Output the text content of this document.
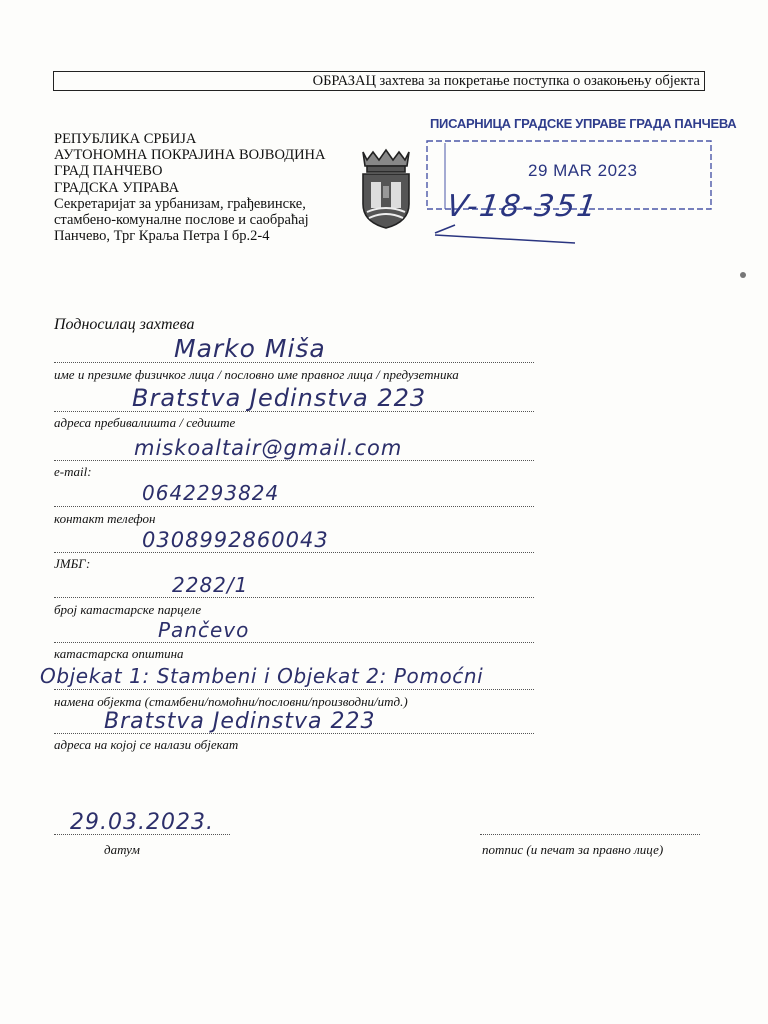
ОБРАЗАЦ захтева за покретање поступка о озакоњењу објекта
РЕПУБЛИКА СРБИЈА
АУТОНОМНА ПОКРАЈИНА ВОЈВОДИНА
ГРАД ПАНЧЕВО
ГРАДСКА УПРАВА
Секретаријат за урбанизам, грађевинске,
стамбено-комуналне послове и саобраћај
Панчево, Трг Краља Петра I бр.2-4
ПИСАРНИЦА ГРАДСКЕ УПРАВЕ ГРАДА ПАНЧЕВА
29 MAR 2023
V-18-351
Подносилац захтева
Marko Miša
име и презиме физичког лица / пословно име правног лица / предузетника
Bratstva Jedinstva 223
адреса пребивалишта / седиште
miskoaltair@gmail.com
e-mail:
0642293824
контакт телефон
0308992860043
ЈМБГ:
2282/1
број катастарске парцеле
Pančevo
катастарска општина
Objekat 1: Stambeni i Objekat 2: Pomoćni
намена објекта (стамбени/помоћни/пословни/производни/итд.)
Bratstva Jedinstva 223
адреса на којој се налази објекат
29.03.2023.
датум	потпис (и печат за правно лице)
